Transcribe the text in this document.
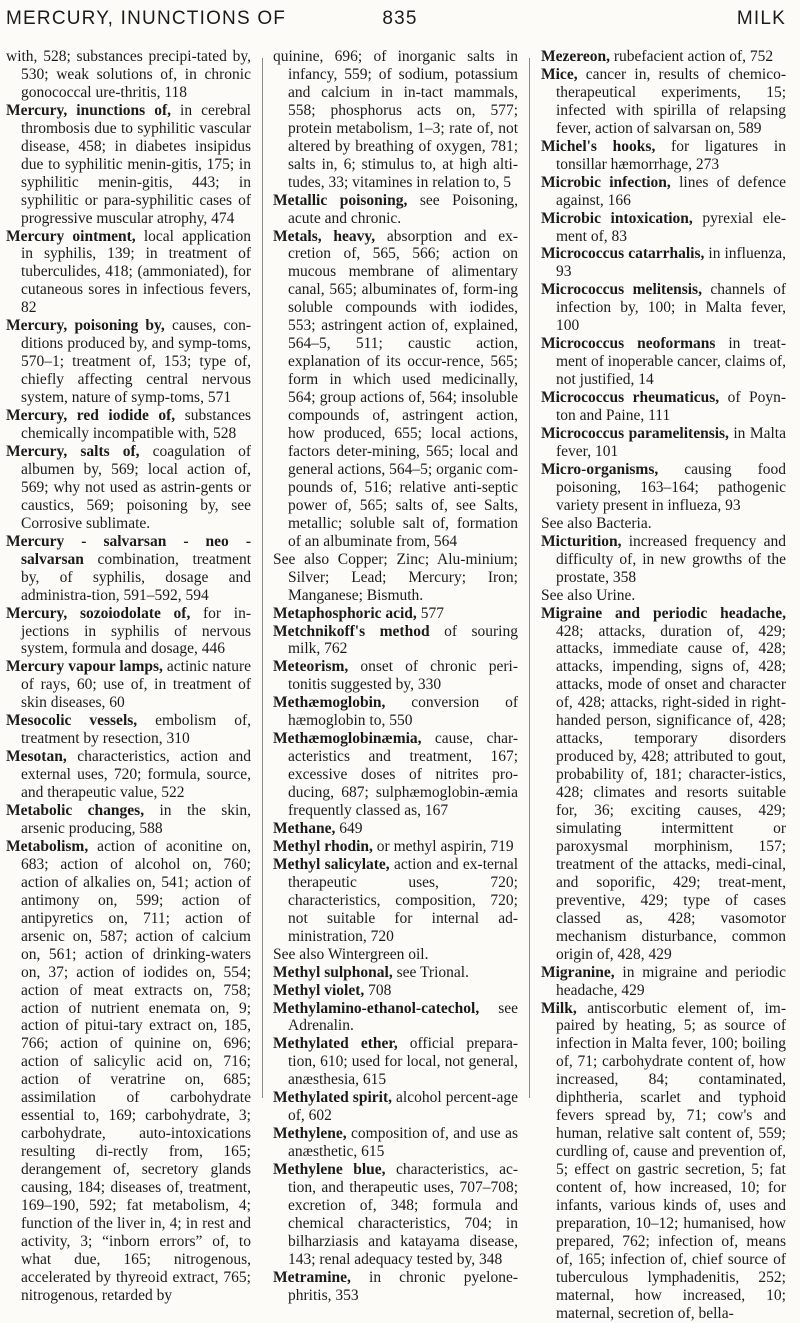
MERCURY, INUNCTIONS OF	835	MILK

with, 528; substances precipi-tated by, 530; weak solutions of, in chronic gonococcal ure-thritis, 118

Mercury, inunctions of, in cerebral thrombosis due to syphilitic vascular disease, 458; in diabetes insipidus due to syphilitic menin-gitis, 175; in syphilitic menin-gitis, 443; in syphilitic or para-syphilitic cases of progressive muscular atrophy, 474

Mercury ointment, local application in syphilis, 139; in treatment of tuberculides, 418; (ammoniated), for cutaneous sores in infectious fevers, 82

Mercury, poisoning by, causes, con-ditions produced by, and symp-toms, 570–1; treatment of, 153; type of, chiefly affecting central nervous system, nature of symp-toms, 571

Mercury, red iodide of, substances chemically incompatible with, 528

Mercury, salts of, coagulation of albumen by, 569; local action of, 569; why not used as astrin-gents or caustics, 569; poisoning by, see Corrosive sublimate.

Mercury - salvarsan - neo - salvarsan combination, treatment by, of syphilis, dosage and administra-tion, 591–592, 594

Mercury, sozoiodolate of, for in-jections in syphilis of nervous system, formula and dosage, 446

Mercury vapour lamps, actinic nature of rays, 60; use of, in treatment of skin diseases, 60

Mesocolic vessels, embolism of, treatment by resection, 310

Mesotan, characteristics, action and external uses, 720; formula, source, and therapeutic value, 522

Metabolic changes, in the skin, arsenic producing, 588

Metabolism, action of aconitine on, 683; action of alcohol on, 760; action of alkalies on, 541; action of antimony on, 599; action of antipyretics on, 711; action of arsenic on, 587; action of calcium on, 561; action of drinking-waters on, 37; action of iodides on, 554; action of meat extracts on, 758; action of nutrient enemata on, 9; action of pitui-tary extract on, 185, 766; action of quinine on, 696; action of salicylic acid on, 716; action of veratrine on, 685; assimilation of carbohydrate essential to, 169; carbohydrate, 3; carbohydrate, auto-intoxications resulting di-rectly from, 165; derangement of, secretory glands causing, 184; diseases of, treatment, 169–190, 592; fat metabolism, 4; function of the liver in, 4; in rest and activity, 3; “inborn errors” of, to what due, 165; nitrogenous, accelerated by thyreoid extract, 765; nitrogenous, retarded by

quinine, 696; of inorganic salts in infancy, 559; of sodium, potassium and calcium in in-tact mammals, 558; phosphorus acts on, 577; protein metabolism, 1–3; rate of, not altered by breathing of oxygen, 781; salts in, 6; stimulus to, at high alti-tudes, 33; vitamines in relation to, 5

Metallic poisoning, see Poisoning, acute and chronic.

Metals, heavy, absorption and ex-cretion of, 565, 566; action on mucous membrane of alimentary canal, 565; albuminates of, form-ing soluble compounds with iodides, 553; astringent action of, explained, 564–5, 511; caustic action, explanation of its occur-rence, 565; form in which used medicinally, 564; group actions of, 564; insoluble compounds of, astringent action, how produced, 655; local actions, factors deter-mining, 565; local and general actions, 564–5; organic com-pounds of, 516; relative anti-septic power of, 565; salts of, see Salts, metallic; soluble salt of, formation of an albuminate from, 564

See also Copper; Zinc; Alu-minium; Silver; Lead; Mercury; Iron; Manganese; Bismuth.

Metaphosphoric acid, 577

Metchnikoff's method of souring milk, 762

Meteorism, onset of chronic peri-tonitis suggested by, 330

Methæmoglobin, conversion of hæmoglobin to, 550

Methæmoglobinæmia, cause, char-acteristics and treatment, 167; excessive doses of nitrites pro-ducing, 687; sulphæmoglobin-æmia frequently classed as, 167

Methane, 649

Methyl rhodin, or methyl aspirin, 719

Methyl salicylate, action and ex-ternal therapeutic uses, 720; characteristics, composition, 720; not suitable for internal ad-ministration, 720

See also Wintergreen oil.

Methyl sulphonal, see Trional.

Methyl violet, 708

Methylamino-ethanol-catechol, see Adrenalin.

Methylated ether, official prepara-tion, 610; used for local, not general, anæsthesia, 615

Methylated spirit, alcohol percent-age of, 602

Methylene, composition of, and use as anæsthetic, 615

Methylene blue, characteristics, ac-tion, and therapeutic uses, 707–708; excretion of, 348; formula and chemical characteristics, 704; in bilharziasis and katayama disease, 143; renal adequacy tested by, 348

Metramine, in chronic pyelone-phritis, 353

Mezereon, rubefacient action of, 752

Mice, cancer in, results of chemico-therapeutical experiments, 15; infected with spirilla of relapsing fever, action of salvarsan on, 589

Michel's hooks, for ligatures in tonsillar hæmorrhage, 273

Microbic infection, lines of defence against, 166

Microbic intoxication, pyrexial ele-ment of, 83

Micrococcus catarrhalis, in influenza, 93

Micrococcus melitensis, channels of infection by, 100; in Malta fever, 100

Micrococcus neoformans in treat-ment of inoperable cancer, claims of, not justified, 14

Micrococcus rheumaticus, of Poyn-ton and Paine, 111

Micrococcus paramelitensis, in Malta fever, 101

Micro-organisms, causing food poisoning, 163–164; pathogenic variety present in influeza, 93

See also Bacteria.

Micturition, increased frequency and difficulty of, in new growths of the prostate, 358

See also Urine.

Migraine and periodic headache, 428; attacks, duration of, 429; attacks, immediate cause of, 428; attacks, impending, signs of, 428; attacks, mode of onset and character of, 428; attacks, right-sided in right-handed person, significance of, 428; attacks, temporary disorders produced by, 428; attributed to gout, probability of, 181; character-istics, 428; climates and resorts suitable for, 36; exciting causes, 429; simulating intermittent or paroxysmal morphinism, 157; treatment of the attacks, medi-cinal, and soporific, 429; treat-ment, preventive, 429; type of cases classed as, 428; vasomotor mechanism disturbance, common origin of, 428, 429

Migranine, in migraine and periodic headache, 429

Milk, antiscorbutic element of, im-paired by heating, 5; as source of infection in Malta fever, 100; boiling of, 71; carbohydrate content of, how increased, 84; contaminated, diphtheria, scarlet and typhoid fevers spread by, 71; cow's and human, relative salt content of, 559; curdling of, cause and prevention of, 5; effect on gastric secretion, 5; fat content of, how increased, 10; for infants, various kinds of, uses and preparation, 10–12; humanised, how prepared, 762; infection of, means of, 165; infection of, chief source of tuberculous lymphadenitis, 252; maternal, how increased, 10; maternal, secretion of, bella-
